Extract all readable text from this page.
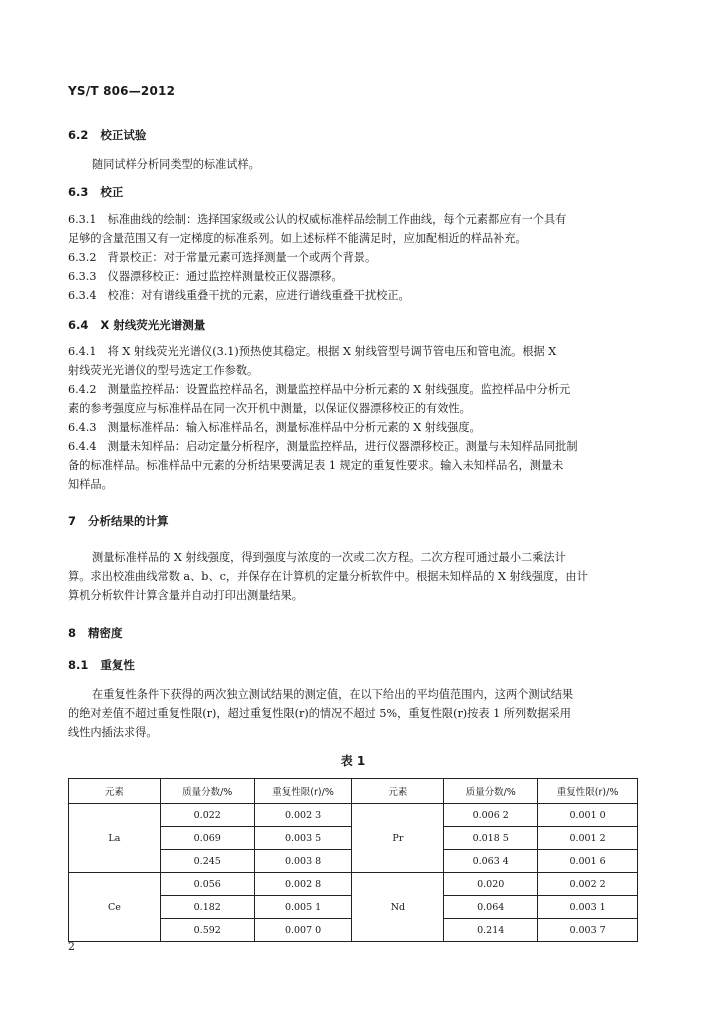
YS/T 806—2012
6.2 校正试验
随同试样分析同类型的标准试样。
6.3 校正
6.3.1　标准曲线的绘制：选择国家级或公认的权威标准样品绘制工作曲线，每个元素都应有一个具有
足够的含量范围又有一定梯度的标准系列。如上述标样不能满足时，应加配相近的样品补充。
6.3.2　背景校正：对于常量元素可选择测量一个或两个背景。
6.3.3　仪器漂移校正：通过监控样测量校正仪器漂移。
6.3.4　校准：对有谱线重叠干扰的元素，应进行谱线重叠干扰校正。
6.4 X 射线荧光光谱测量
6.4.1　将 X 射线荧光光谱仪(3.1)预热使其稳定。根据 X 射线管型号调节管电压和管电流。根据 X
射线荧光光谱仪的型号选定工作参数。
6.4.2　测量监控样品：设置监控样品名，测量监控样品中分析元素的 X 射线强度。监控样品中分析元
素的参考强度应与标准样品在同一次开机中测量，以保证仪器漂移校正的有效性。
6.4.3　测量标准样品：输入标准样品名，测量标准样品中分析元素的 X 射线强度。
6.4.4　测量未知样品：启动定量分析程序，测量监控样品，进行仪器漂移校正。测量与未知样品同批制
备的标准样品。标准样品中元素的分析结果要满足表 1 规定的重复性要求。输入未知样品名，测量未
知样品。
7 分析结果的计算
测量标准样品的 X 射线强度，得到强度与浓度的一次或二次方程。二次方程可通过最小二乘法计
算。求出校准曲线常数 a、b、c，并保存在计算机的定量分析软件中。根据未知样品的 X 射线强度，由计
算机分析软件计算含量并自动打印出测量结果。
8 精密度
8.1 重复性
在重复性条件下获得的两次独立测试结果的测定值，在以下给出的平均值范围内，这两个测试结果
的绝对差值不超过重复性限(r)，超过重复性限(r)的情况不超过 5%，重复性限(r)按表 1 所列数据采用
线性内插法求得。
表 1
元素	质量分数/%	重复性限(r)/%	元素	质量分数/%	重复性限(r)/%
La	0.022	0.002 3	Pr	0.006 2	0.001 0
	0.069	0.003 5		0.018 5	0.001 2
	0.245	0.003 8		0.063 4	0.001 6
Ce	0.056	0.002 8	Nd	0.020	0.002 2
	0.182	0.005 1		0.064	0.003 1
	0.592	0.007 0		0.214	0.003 7
2
